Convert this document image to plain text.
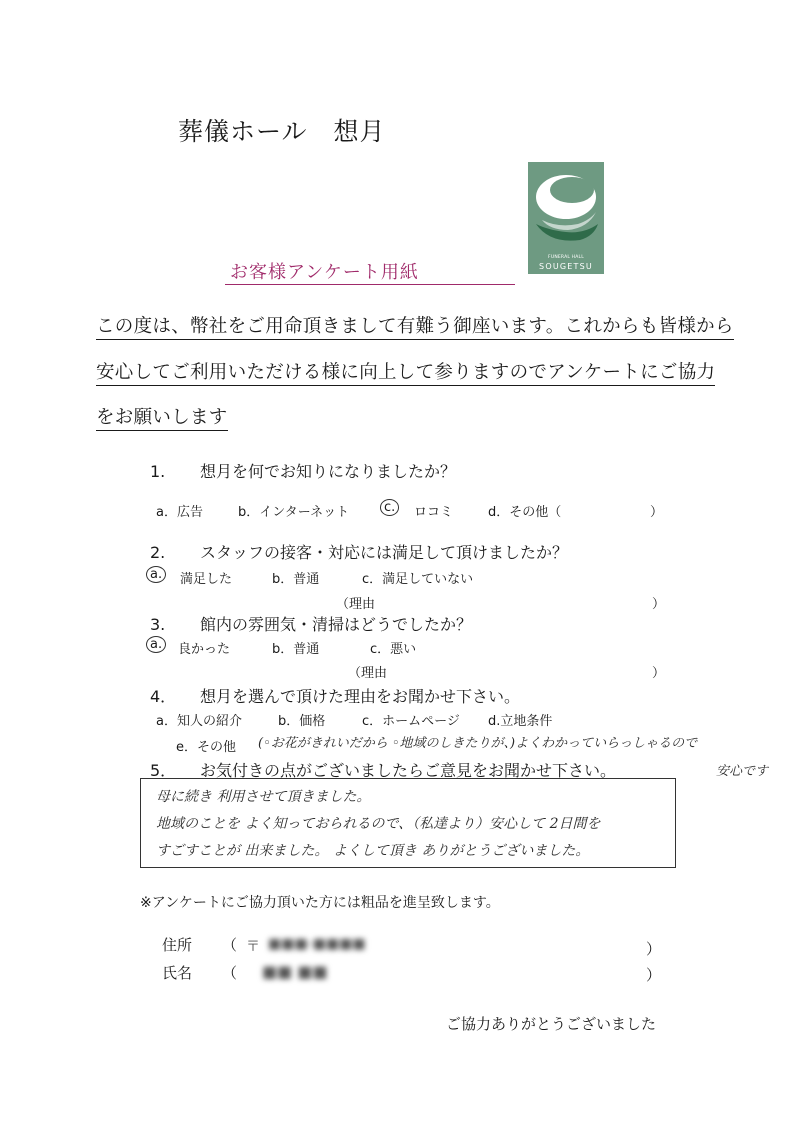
葬儀ホール 想月
FUNERAL HALL
SOUGETSU
お客様アンケート用紙
この度は、幣社をご用命頂きまして有難う御座います。これからも皆様から
安心してご利用いただける様に向上して参りますのでアンケートにご協力
をお願いします
1. 想月を何でお知りになりましたか？
a．広告	b．インターネット	c.	ロコミ	d．その他（	）
2. スタッフの接客・対応には満足して頂けましたか？
a.	満足した	b．普通	c．満足していない
（理由	）
3. 館内の雰囲気・清掃はどうでしたか？
a.	良かった	b．普通	c．悪い
（理由	）
4． 想月を選んで頂けた理由をお聞かせ下さい。
a．知人の紹介	b．価格	c．ホームページ d.立地条件
e．その他 (◦お花がきれいだから ◦地域のしきたりが、)よくわかっていらっしゃるので
安心です
5． お気付きの点がございましたらご意見をお聞かせ下さい。
母に続き 利用させて頂きました。
地域のことを よく知っておられるので、（私達より）安心して 2日間を
すごすことが 出来ました。 よくして頂き ありがとうございました。
※アンケートにご協力頂いた方には粗品を進呈致します。
住所 （ 〒 ■■■-■■■■	）
氏名 （ ■■ ■■	）
ご協力ありがとうございました
